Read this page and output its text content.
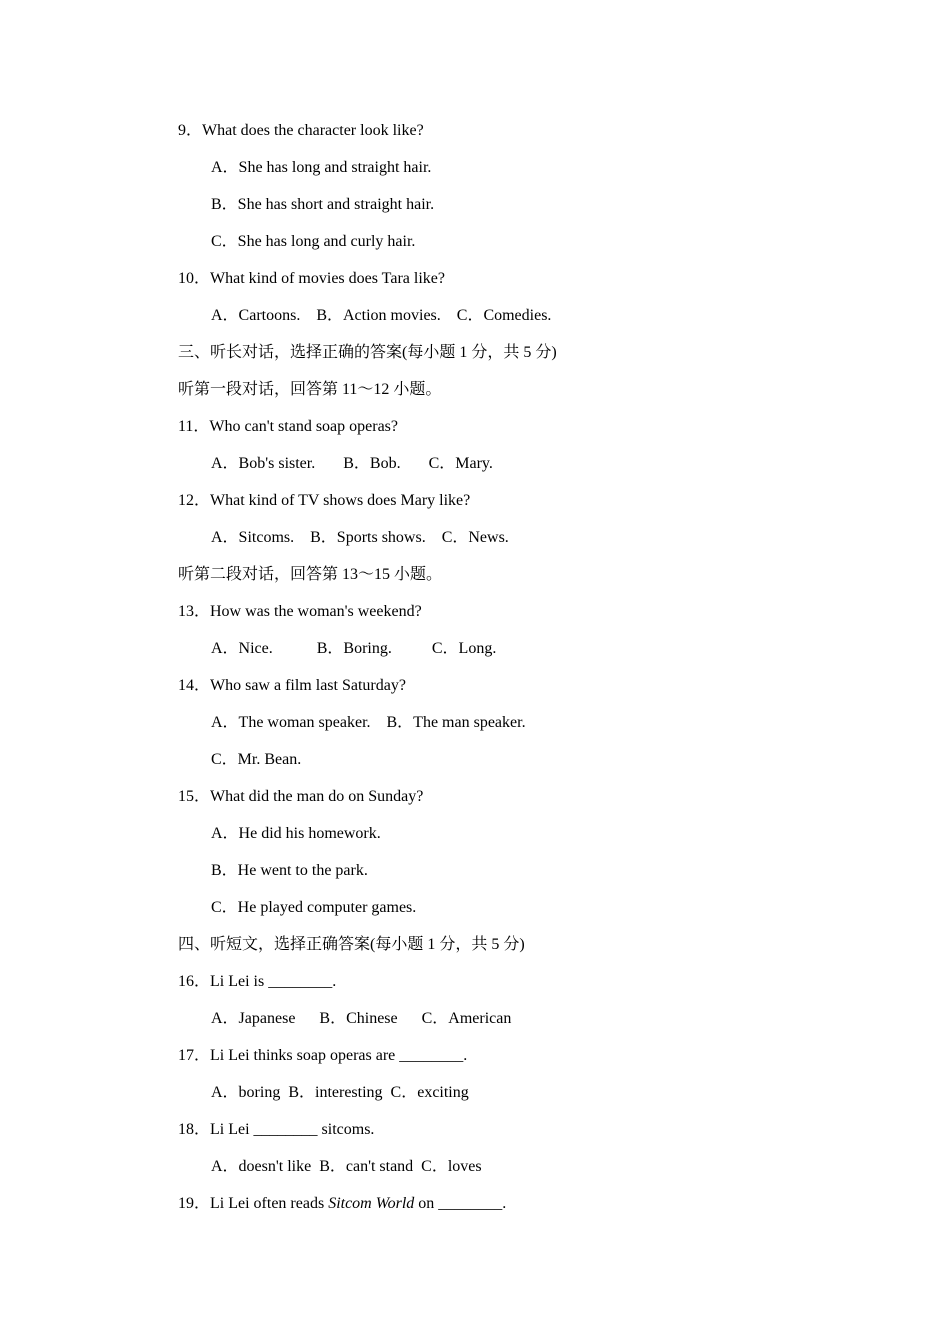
9．What does the character look like?
A．She has long and straight hair.
B．She has short and straight hair.
C．She has long and curly hair.
10．What kind of movies does Tara like?
A．Cartoons.    B．Action movies.    C．Comedies.
三、听长对话，选择正确的答案(每小题 1 分，共 5 分)
听第一段对话，回答第 11～12 小题。
11．Who can't stand soap operas?
A．Bob's sister.       B．Bob.       C．Mary.
12．What kind of TV shows does Mary like?
A．Sitcoms.    B．Sports shows.    C．News.
听第二段对话，回答第 13～15 小题。
13．How was the woman's weekend?
A．Nice.           B．Boring.          C．Long.
14．Who saw a film last Saturday?
A．The woman speaker.    B．The man speaker.
C．Mr. Bean.
15．What did the man do on Sunday?
A．He did his homework.
B．He went to the park.
C．He played computer games.
四、听短文，选择正确答案(每小题 1 分，共 5 分)
16．Li Lei is ________.
A．Japanese      B．Chinese      C．American
17．Li Lei thinks soap operas are ________.
A．boring  B．interesting  C．exciting
18．Li Lei ________ sitcoms.
A．doesn't like  B．can't stand  C．loves
19．Li Lei often reads Sitcom World on ________.
